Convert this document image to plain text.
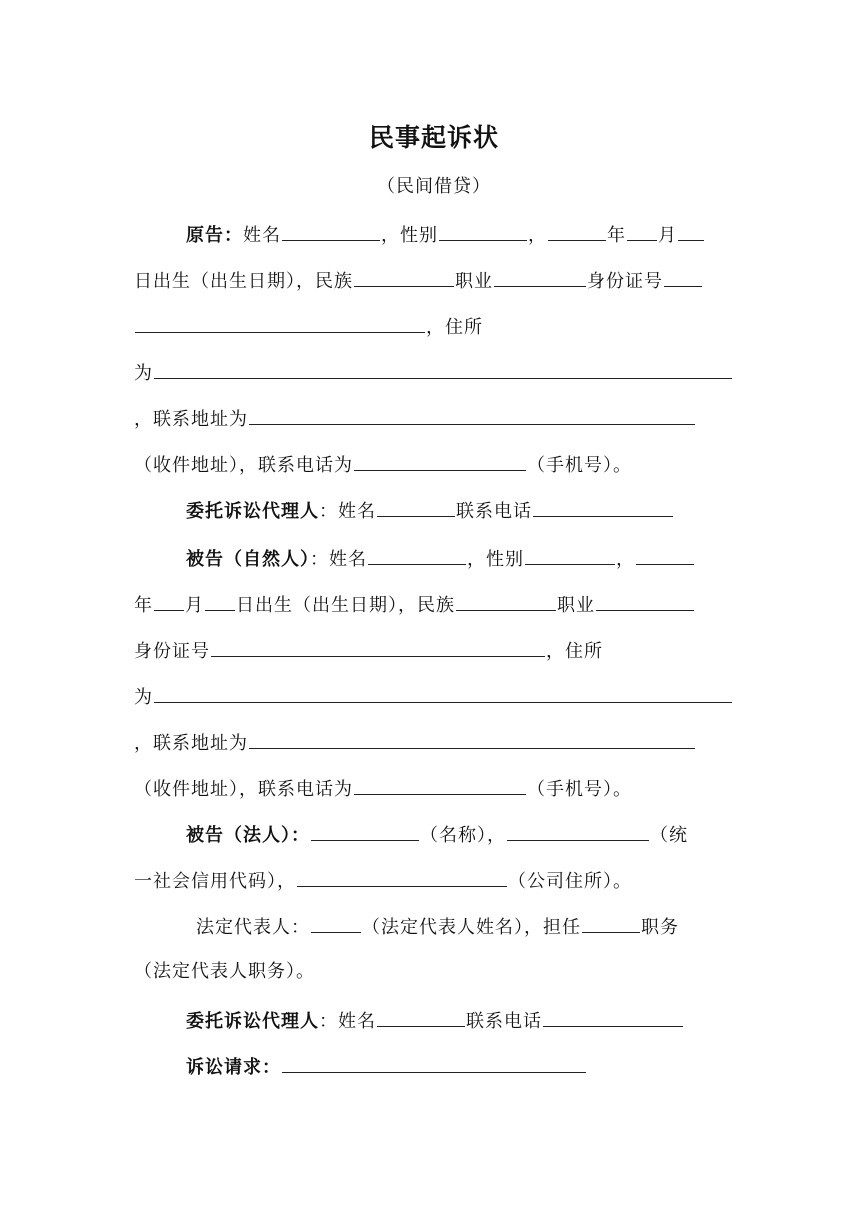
民事起诉状
（民间借贷）
原告：姓名	，性别	，	年 月
日出生（出生日期），民族	职业	身份证号
，住所
为
，联系地址为
（收件地址），联系电话为	（手机号）。
委托诉讼代理人：姓名	联系电话
被告（自然人）：姓名	，性别	，
年 月 日出生（出生日期），民族	职业
身份证号	，住所
为
，联系地址为
（收件地址），联系电话为	（手机号）。
被告（法人）：	（名称），	（统
一社会信用代码），	（公司住所）。
法定代表人：	（法定代表人姓名），担任	职务
（法定代表人职务）。
委托诉讼代理人：姓名	联系电话
诉讼请求：
